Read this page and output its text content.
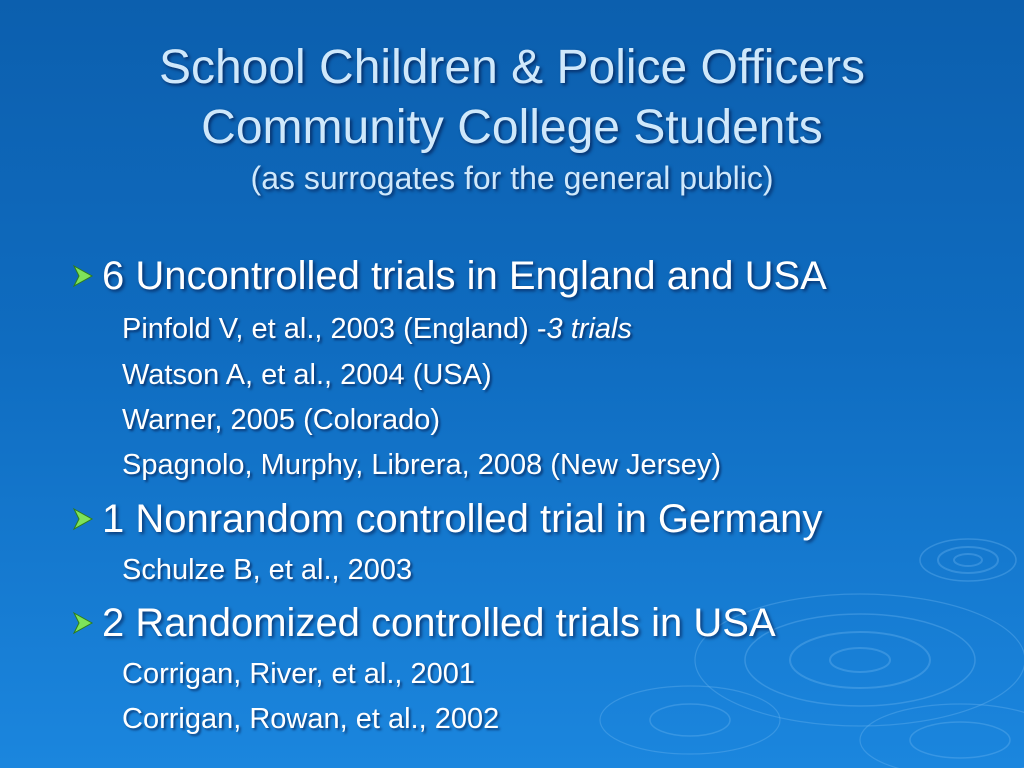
School Children & Police Officers
Community College Students
(as surrogates for the general public)
6 Uncontrolled trials in England and USA
Pinfold V, et al., 2003 (England) - 3 trials
Watson A, et al., 2004 (USA)
Warner, 2005 (Colorado)
Spagnolo, Murphy, Librera, 2008 (New Jersey)
1 Nonrandom controlled trial in Germany
Schulze B, et al., 2003
2 Randomized controlled trials in USA
Corrigan, River, et al., 2001
Corrigan, Rowan, et al., 2002
